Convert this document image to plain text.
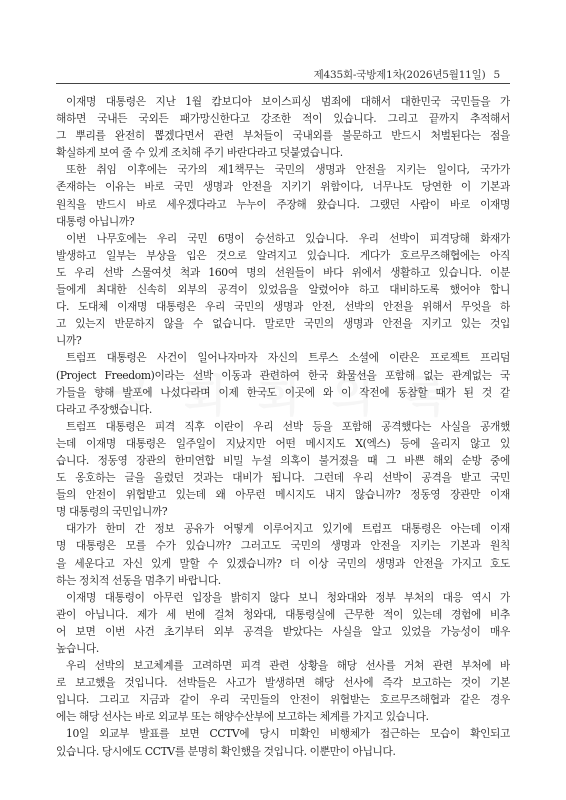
제435회-국방제1차(2026년5월11일) 5
이재명 대통령은 지난 1월 캄보디아 보이스피싱 범죄에 대해서 대한민국 국민들을 가
해하면 국내든 국외든 패가망신한다고 강조한 적이 있습니다. 그리고 끝까지 추적해서
그 뿌리를 완전히 뽑겠다면서 관련 부처들이 국내외를 불문하고 반드시 처벌된다는 점을
확실하게 보여 줄 수 있게 조치해 주기 바란다라고 덧붙였습니다.
또한 취임 이후에는 국가의 제1책무는 국민의 생명과 안전을 지키는 일이다, 국가가
존재하는 이유는 바로 국민 생명과 안전을 지키기 위함이다, 너무나도 당연한 이 기본과
원칙을 반드시 바로 세우겠다라고 누누이 주장해 왔습니다. 그랬던 사람이 바로 이재명
대통령 아닙니까?
이번 나무호에는 우리 국민 6명이 승선하고 있습니다. 우리 선박이 피격당해 화재가
발생하고 일부는 부상을 입은 것으로 알려지고 있습니다. 게다가 호르무즈해협에는 아직
도 우리 선박 스물여섯 척과 160여 명의 선원들이 바다 위에서 생활하고 있습니다. 이분
들에게 최대한 신속히 외부의 공격이 있었음을 알렸어야 하고 대비하도록 했어야 합니
다. 도대체 이재명 대통령은 우리 국민의 생명과 안전, 선박의 안전을 위해서 무엇을 하
고 있는지 반문하지 않을 수 없습니다. 말로만 국민의 생명과 안전을 지키고 있는 것입
니까?
트럼프 대통령은 사건이 일어나자마자 자신의 트루스 소셜에 이란은 프로젝트 프리덤
(Project Freedom)이라는 선박 이동과 관련하여 한국 화물선을 포함해 없는 관계없는 국
가들을 향해 발포에 나섰다라며 이제 한국도 이곳에 와 이 작전에 동참할 때가 된 것 같
다라고 주장했습니다.
트럼프 대통령은 피격 직후 이란이 우리 선박 등을 포함해 공격했다는 사실을 공개했
는데 이재명 대통령은 일주일이 지났지만 어떤 메시지도 X(엑스) 등에 올리지 않고 있
습니다. 정동영 장관의 한미연합 비밀 누설 의혹이 불거졌을 때 그 바쁜 해외 순방 중에
도 옹호하는 글을 올렸던 것과는 대비가 됩니다. 그런데 우리 선박이 공격을 받고 국민
들의 안전이 위협받고 있는데 왜 아무런 메시지도 내지 않습니까? 정동영 장관만 이재
명 대통령의 국민입니까?
대가가 한미 간 정보 공유가 어떻게 이루어지고 있기에 트럼프 대통령은 아는데 이재
명 대통령은 모를 수가 있습니까? 그러고도 국민의 생명과 안전을 지키는 기본과 원칙
을 세운다고 자신 있게 말할 수 있겠습니까? 더 이상 국민의 생명과 안전을 가지고 호도
하는 정치적 선동을 멈추기 바랍니다.
이재명 대통령이 아무런 입장을 밝히지 않다 보니 청와대와 정부 부처의 대응 역시 가
관이 아닙니다. 제가 세 번에 걸쳐 청와대, 대통령실에 근무한 적이 있는데 경험에 비추
어 보면 이번 사건 초기부터 외부 공격을 받았다는 사실을 알고 있었을 가능성이 매우
높습니다.
우리 선박의 보고체계를 고려하면 피격 관련 상황을 해당 선사를 거쳐 관련 부처에 바
로 보고했을 것입니다. 선박들은 사고가 발생하면 해당 선사에 즉각 보고하는 것이 기본
입니다. 그리고 지금과 같이 우리 국민들의 안전이 위협받는 호르무즈해협과 같은 경우
에는 해당 선사는 바로 외교부 또는 해양수산부에 보고하는 체계를 가지고 있습니다.
10일 외교부 발표를 보면 CCTV에 당시 미확인 비행체가 접근하는 모습이 확인되고
있습니다. 당시에도 CCTV를 분명히 확인했을 것입니다. 이뿐만이 아닙니다.
